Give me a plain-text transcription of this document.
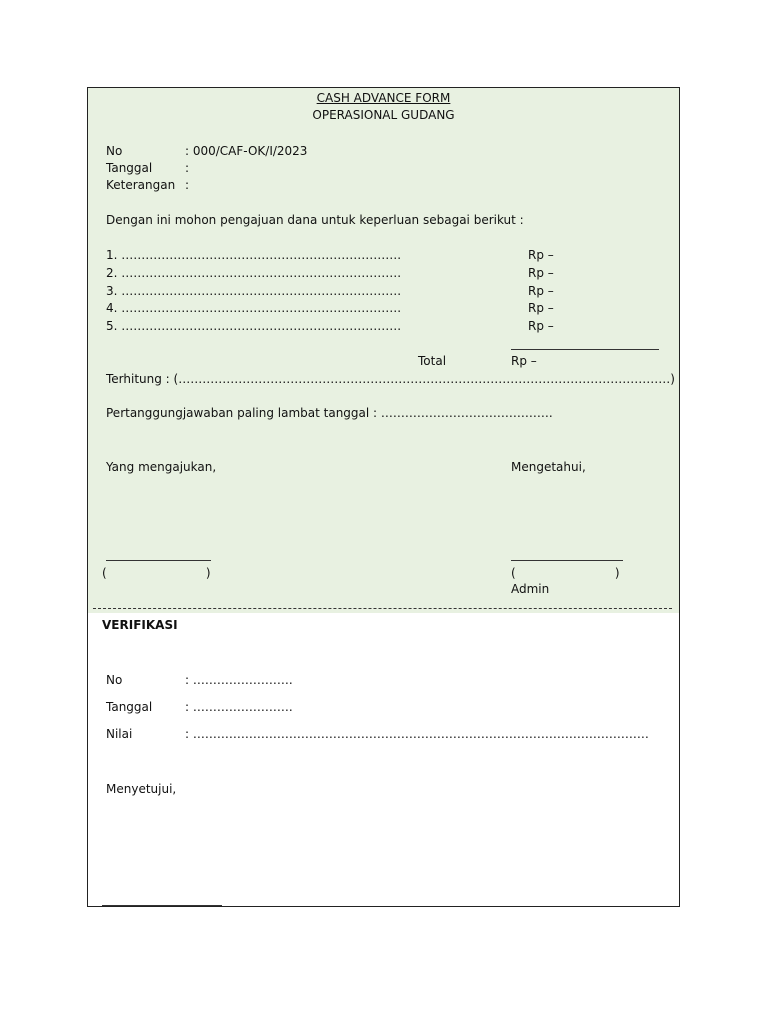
CASH ADVANCE FORM
OPERASIONAL GUDANG
No	: 000/CAF-OK/I/2023
Tanggal	:
Keterangan :
Dengan ini mohon pengajuan dana untuk keperluan sebagai berikut :
1. …………………………………………………………….	Rp –
2. …………………………………………………………….	Rp –
3. …………………………………………………………….	Rp –
4. …………………………………………………………….	Rp –
5. …………………………………………………………….	Rp –
Total	Rp –
Terhitung : (……………………………………………………………………………………………………………)
Pertanggungjawaban paling lambat tanggal : …………………………………….
Yang mengajukan,	Mengetahui,
(                          )	(                          )
Admin
VERIFIKASI
No	: …………………….
Tanggal	: …………………….
Nilai	: ……………………………………………………………………………………………………
Menyetujui,
